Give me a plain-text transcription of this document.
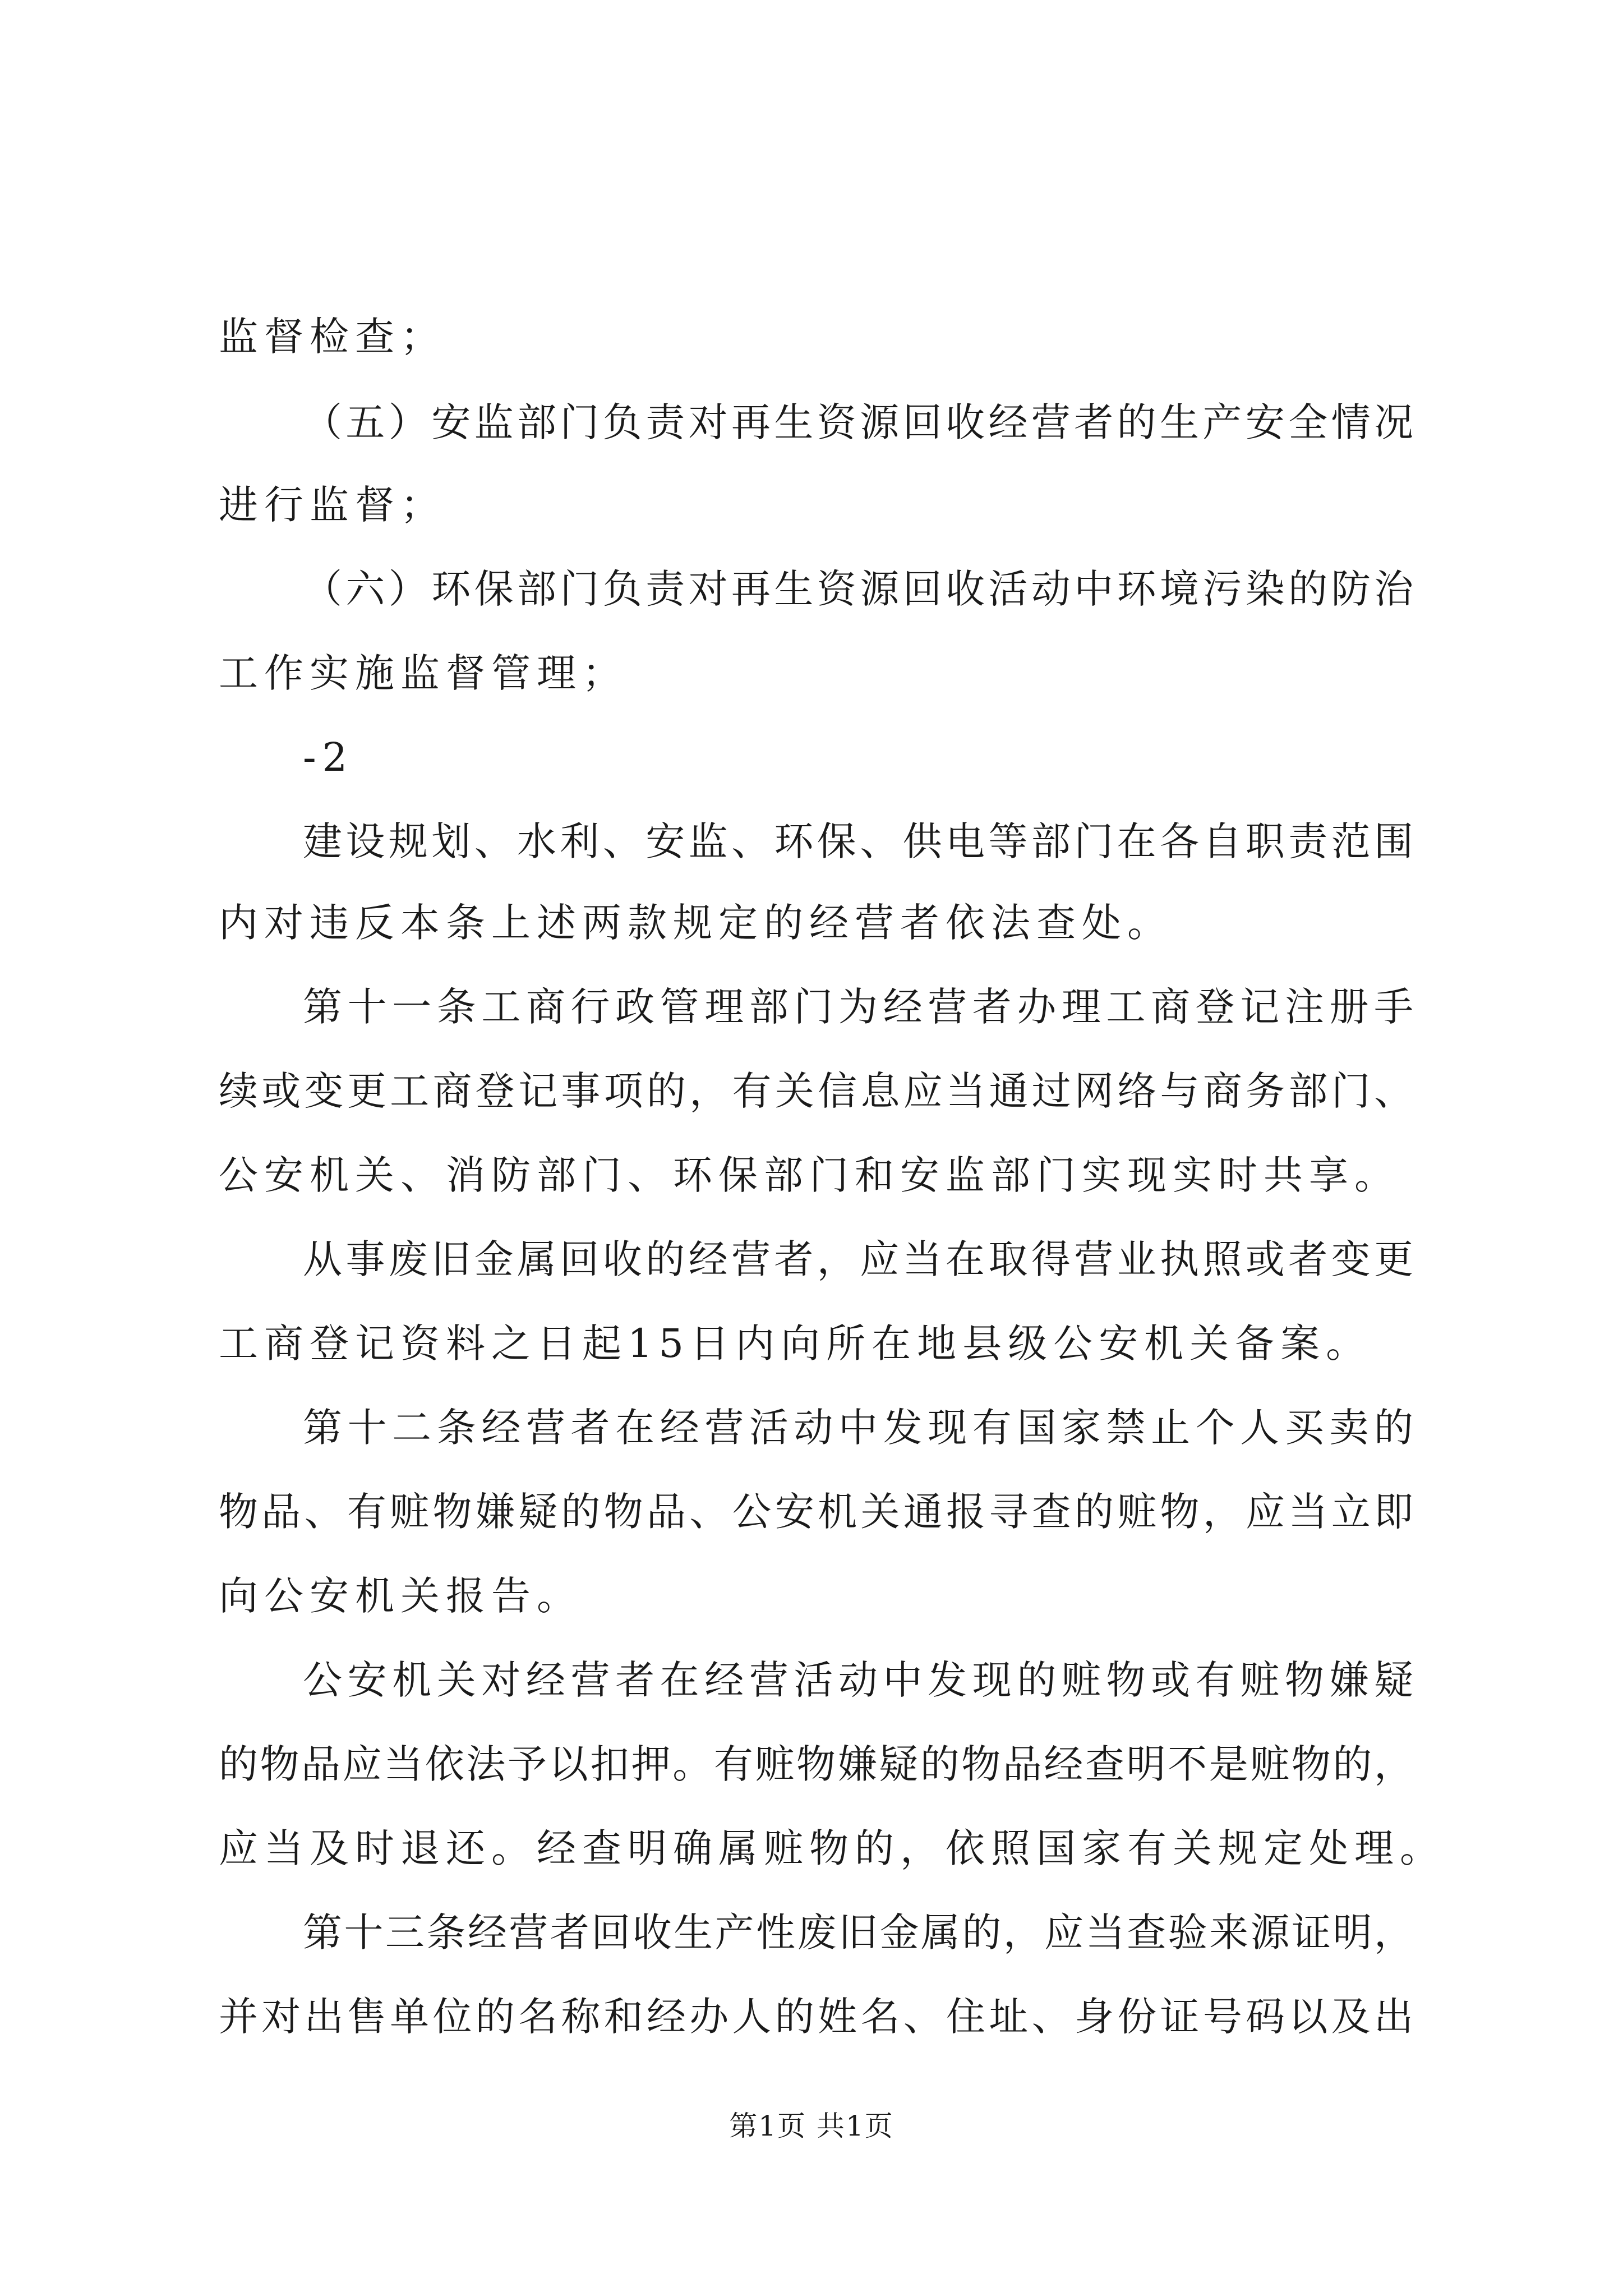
监督检查；
（五）安监部门负责对再生资源回收经营者的生产安全情况
进行监督；
（六）环保部门负责对再生资源回收活动中环境污染的防治
工作实施监督管理；
-2
建设规划、水利、安监、环保、供电等部门在各自职责范围
内对违反本条上述两款规定的经营者依法查处。
第十一条工商行政管理部门为经营者办理工商登记注册手
续或变更工商登记事项的，有关信息应当通过网络与商务部门、
公安机关、消防部门、环保部门和安监部门实现实时共享。
从事废旧金属回收的经营者，应当在取得营业执照或者变更
工商登记资料之日起15日内向所在地县级公安机关备案。
第十二条经营者在经营活动中发现有国家禁止个人买卖的
物品、有赃物嫌疑的物品、公安机关通报寻查的赃物，应当立即
向公安机关报告。
公安机关对经营者在经营活动中发现的赃物或有赃物嫌疑
的物品应当依法予以扣押。有赃物嫌疑的物品经查明不是赃物的，
应当及时退还。经查明确属赃物的，依照国家有关规定处理。
第十三条经营者回收生产性废旧金属的，应当查验来源证明，
并对出售单位的名称和经办人的姓名、住址、身份证号码以及出
第1页 共1页
